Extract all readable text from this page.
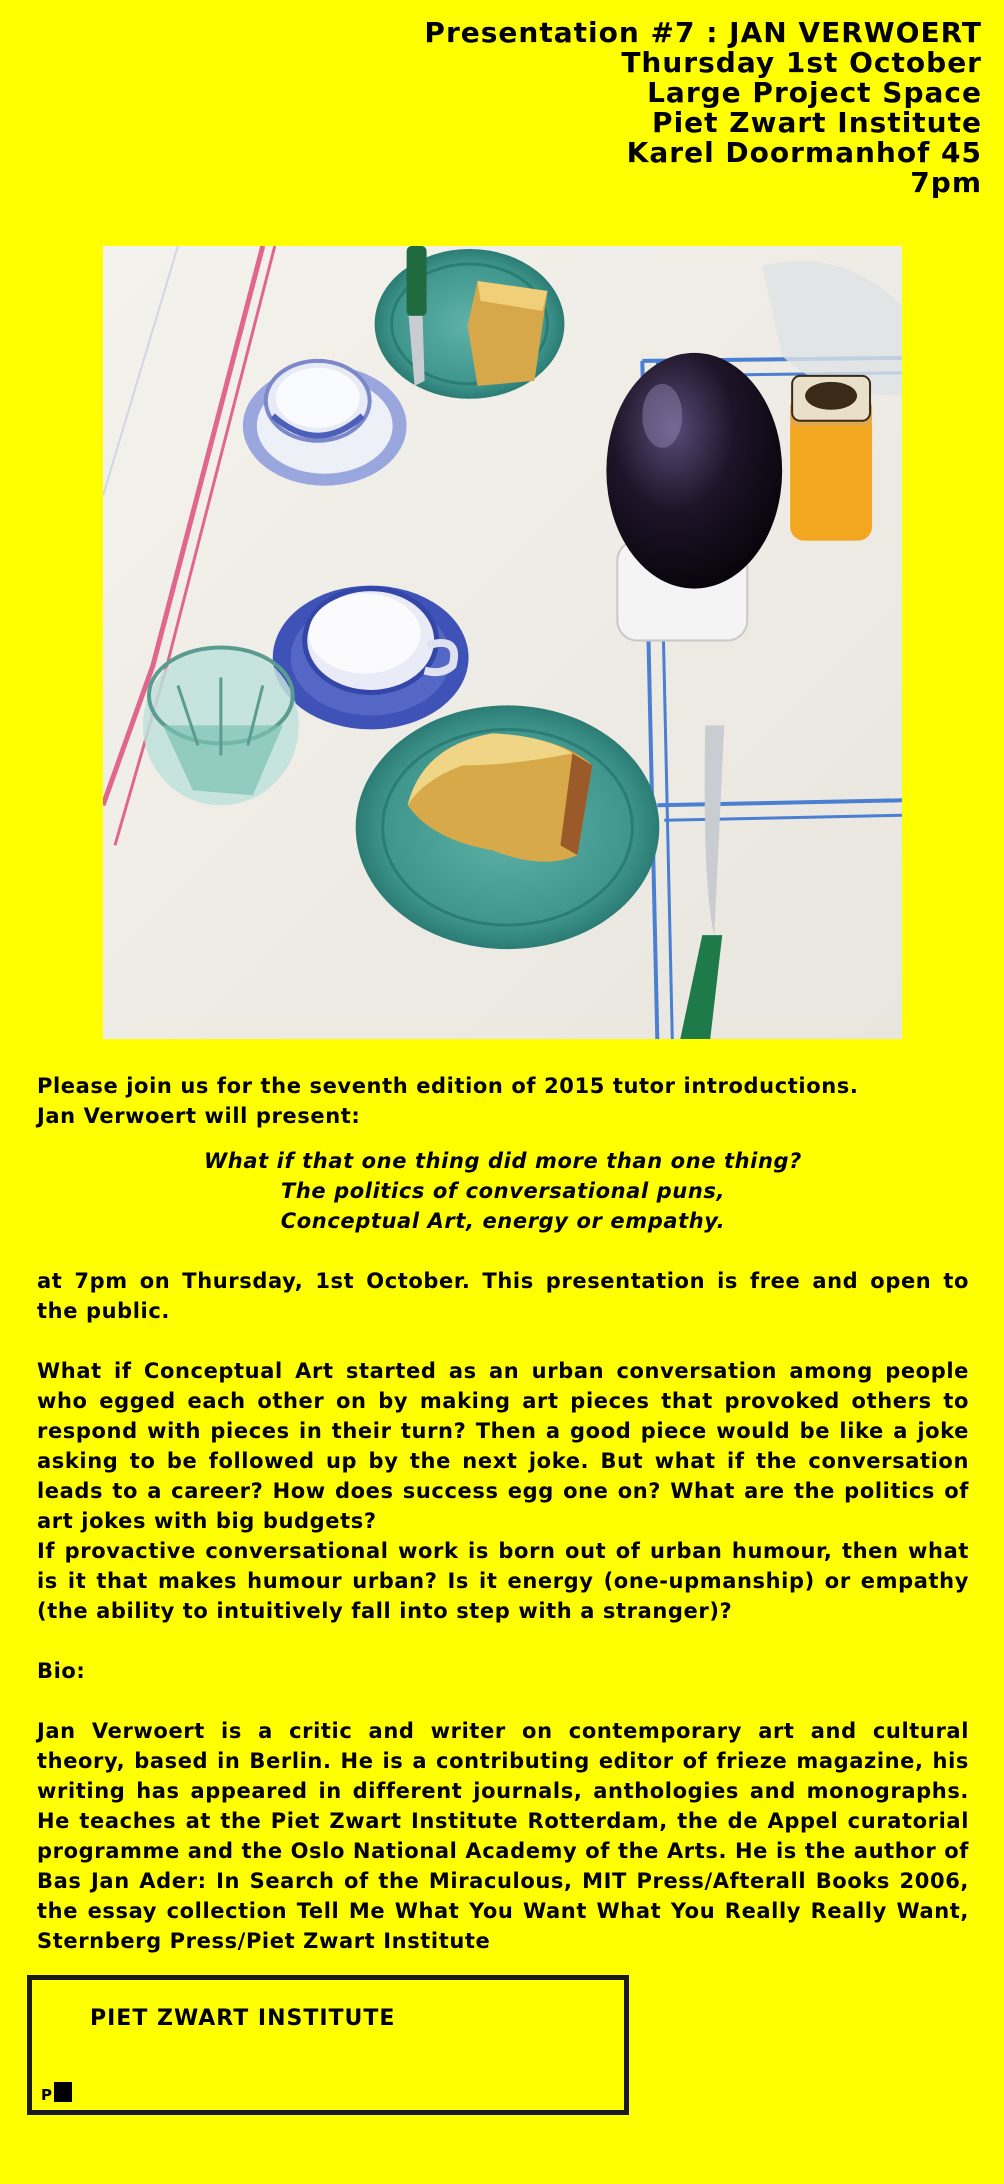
Presentation #7 : JAN VERWOERT
Thursday 1st October
Large Project Space
Piet Zwart Institute
Karel Doormanhof 45
7pm

Please join us for the seventh edition of 2015 tutor introductions.

Jan Verwoert will present:

What if that one thing did more than one thing?
The politics of conversational puns,
Conceptual Art, energy or empathy.

at 7pm on Thursday, 1st October. This presentation is free and open to the public.

What if Conceptual Art started as an urban conversation among people who egged each other on by making art pieces that provoked others to respond with pieces in their turn? Then a good piece would be like a joke asking to be followed up by the next joke. But what if the conversation leads to a career? How does success egg one on? What are the politics of art jokes with big budgets?

If provactive conversational work is born out of urban humour, then what is it that makes humour urban? Is it energy (one-upmanship) or empathy (the ability to intuitively fall into step with a stranger)?

Bio:

Jan Verwoert is a critic and writer on contemporary art and cultural theory, based in Berlin. He is a contributing editor of frieze magazine, his writing has appeared in different journals, anthologies and monographs. He teaches at the Piet Zwart Institute Rotterdam, the de Appel curatorial programme and the Oslo National Academy of the Arts. He is the author of Bas Jan Ader: In Search of the Miraculous, MIT Press/Afterall Books 2006, the essay collection Tell Me What You Want What You Really Really Want, Sternberg Press/Piet Zwart Institute

PIET ZWART INSTITUTE
P
